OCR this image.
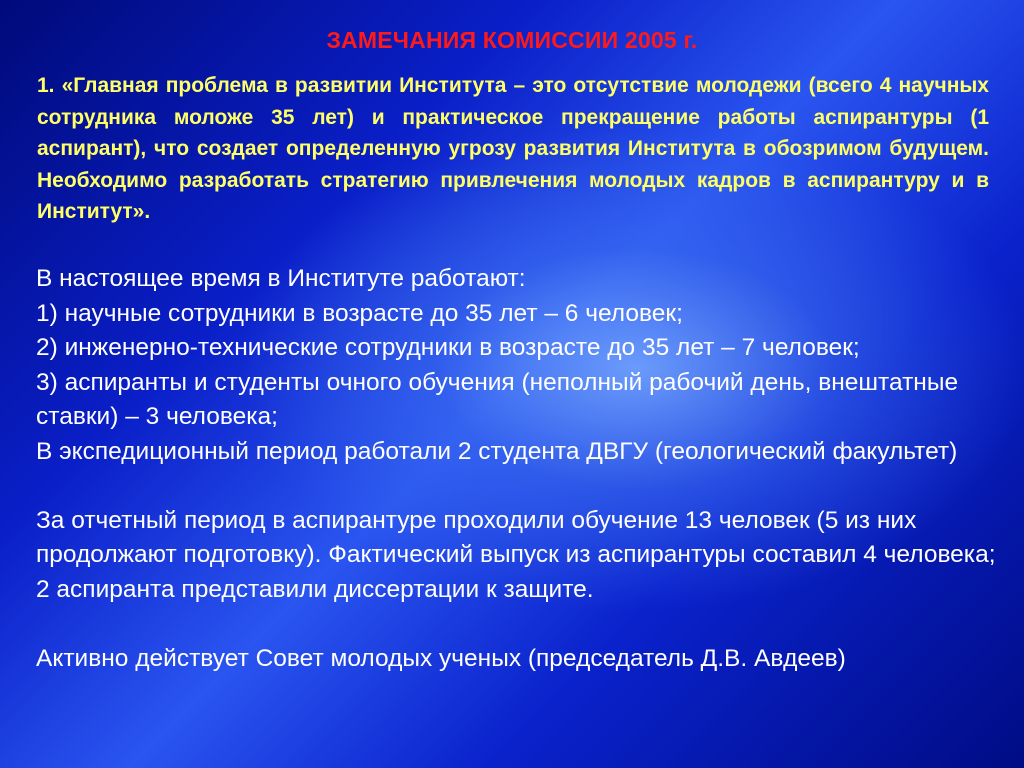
ЗАМЕЧАНИЯ КОМИССИИ 2005 г.

1. «Главная проблема в развитии Института – это отсутствие молодежи (всего 4 научных сотрудника моложе 35 лет) и практическое прекращение работы аспирантуры (1 аспирант), что создает определенную угрозу развития Института в обозримом будущем. Необходимо разработать стратегию привлечения молодых кадров в аспирантуру и в Институт».

В настоящее время в Институте работают:

1) научные сотрудники в возрасте до 35 лет – 6 человек;

2) инженерно-технические сотрудники в возрасте до 35 лет – 7 человек;

3) аспиранты и студенты очного обучения (неполный рабочий день, внештатные ставки) – 3 человека;

В экспедиционный период работали 2 студента ДВГУ (геологический факультет)

За отчетный период в аспирантуре проходили обучение 13 человек (5 из них продолжают подготовку). Фактический выпуск из аспирантуры составил 4 человека; 2 аспиранта представили диссертации к защите.

Активно действует Совет молодых ученых (председатель Д.В. Авдеев)
